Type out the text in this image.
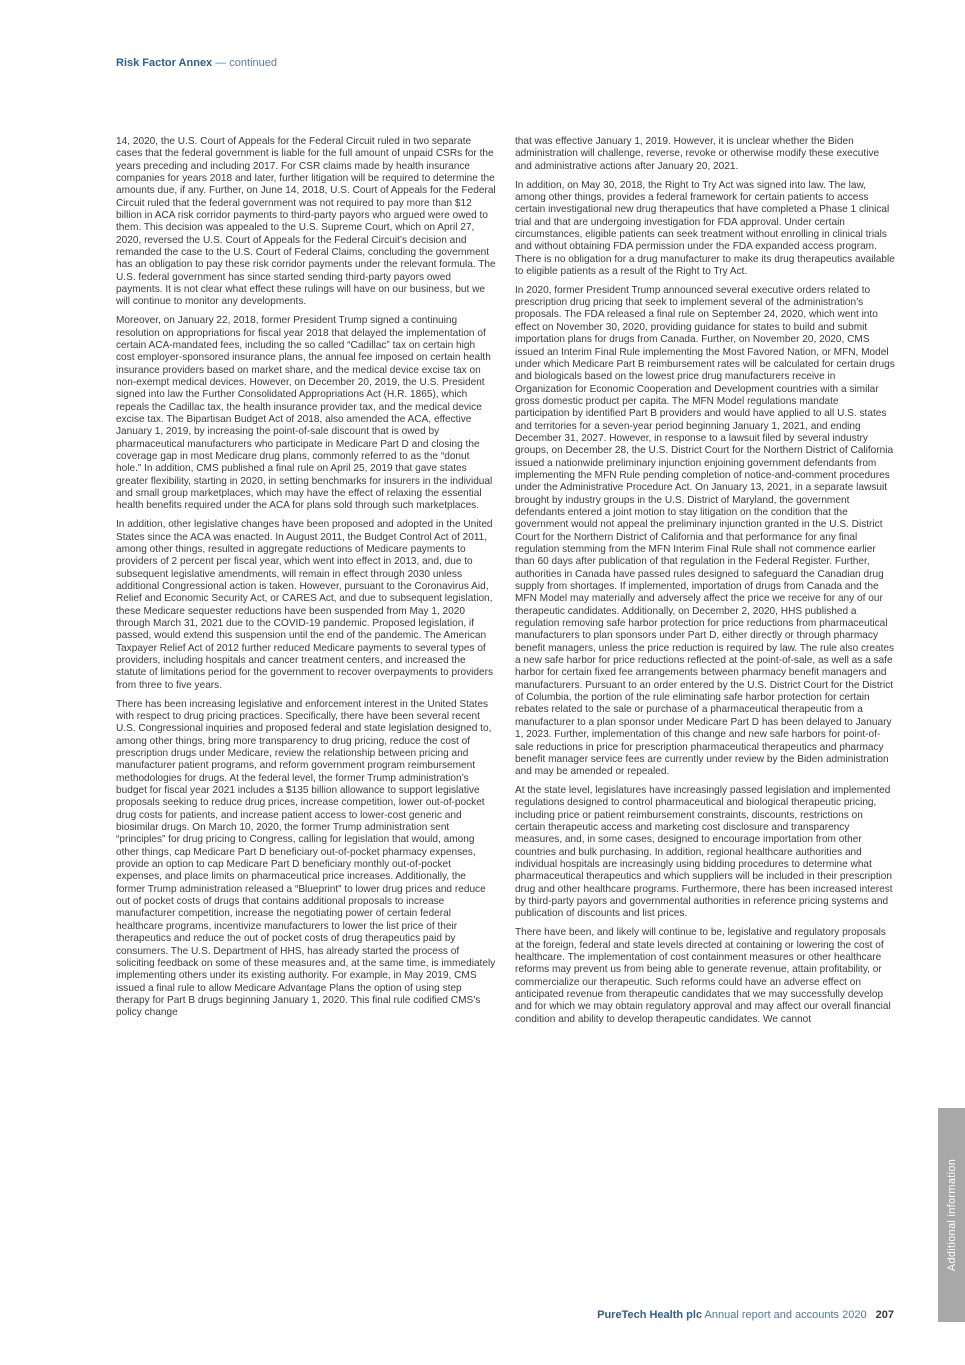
Risk Factor Annex — continued

14, 2020, the U.S. Court of Appeals for the Federal Circuit ruled in two separate cases that the federal government is liable for the full amount of unpaid CSRs for the years preceding and including 2017. For CSR claims made by health insurance companies for years 2018 and later, further litigation will be required to determine the amounts due, if any. Further, on June 14, 2018, U.S. Court of Appeals for the Federal Circuit ruled that the federal government was not required to pay more than $12 billion in ACA risk corridor payments to third-party payors who argued were owed to them. This decision was appealed to the U.S. Supreme Court, which on April 27, 2020, reversed the U.S. Court of Appeals for the Federal Circuit’s decision and remanded the case to the U.S. Court of Federal Claims, concluding the government has an obligation to pay these risk corridor payments under the relevant formula. The U.S. federal government has since started sending third-party payors owed payments. It is not clear what effect these rulings will have on our business, but we will continue to monitor any developments.

Moreover, on January 22, 2018, former President Trump signed a continuing resolution on appropriations for fiscal year 2018 that delayed the implementation of certain ACA-mandated fees, including the so called “Cadillac” tax on certain high cost employer-sponsored insurance plans, the annual fee imposed on certain health insurance providers based on market share, and the medical device excise tax on non-exempt medical devices. However, on December 20, 2019, the U.S. President signed into law the Further Consolidated Appropriations Act (H.R. 1865), which repeals the Cadillac tax, the health insurance provider tax, and the medical device excise tax. The Bipartisan Budget Act of 2018, also amended the ACA, effective January 1, 2019, by increasing the point-of-sale discount that is owed by pharmaceutical manufacturers who participate in Medicare Part D and closing the coverage gap in most Medicare drug plans, commonly referred to as the “donut hole.” In addition, CMS published a final rule on April 25, 2019 that gave states greater flexibility, starting in 2020, in setting benchmarks for insurers in the individual and small group marketplaces, which may have the effect of relaxing the essential health benefits required under the ACA for plans sold through such marketplaces.

In addition, other legislative changes have been proposed and adopted in the United States since the ACA was enacted. In August 2011, the Budget Control Act of 2011, among other things, resulted in aggregate reductions of Medicare payments to providers of 2 percent per fiscal year, which went into effect in 2013, and, due to subsequent legislative amendments, will remain in effect through 2030 unless additional Congressional action is taken. However, pursuant to the Coronavirus Aid, Relief and Economic Security Act, or CARES Act, and due to subsequent legislation, these Medicare sequester reductions have been suspended from May 1, 2020 through March 31, 2021 due to the COVID-19 pandemic. Proposed legislation, if passed, would extend this suspension until the end of the pandemic. The American Taxpayer Relief Act of 2012 further reduced Medicare payments to several types of providers, including hospitals and cancer treatment centers, and increased the statute of limitations period for the government to recover overpayments to providers from three to five years.

There has been increasing legislative and enforcement interest in the United States with respect to drug pricing practices. Specifically, there have been several recent U.S. Congressional inquiries and proposed federal and state legislation designed to, among other things, bring more transparency to drug pricing, reduce the cost of prescription drugs under Medicare, review the relationship between pricing and manufacturer patient programs, and reform government program reimbursement methodologies for drugs. At the federal level, the former Trump administration’s budget for fiscal year 2021 includes a $135 billion allowance to support legislative proposals seeking to reduce drug prices, increase competition, lower out-of-pocket drug costs for patients, and increase patient access to lower-cost generic and biosimilar drugs. On March 10, 2020, the former Trump administration sent “principles” for drug pricing to Congress, calling for legislation that would, among other things, cap Medicare Part D beneficiary out-of-pocket pharmacy expenses, provide an option to cap Medicare Part D beneficiary monthly out-of-pocket expenses, and place limits on pharmaceutical price increases. Additionally, the former Trump administration released a “Blueprint” to lower drug prices and reduce out of pocket costs of drugs that contains additional proposals to increase manufacturer competition, increase the negotiating power of certain federal healthcare programs, incentivize manufacturers to lower the list price of their therapeutics and reduce the out of pocket costs of drug therapeutics paid by consumers. The U.S. Department of HHS, has already started the process of soliciting feedback on some of these measures and, at the same time, is immediately implementing others under its existing authority. For example, in May 2019, CMS issued a final rule to allow Medicare Advantage Plans the option of using step therapy for Part B drugs beginning January 1, 2020. This final rule codified CMS’s policy change

that was effective January 1, 2019. However, it is unclear whether the Biden administration will challenge, reverse, revoke or otherwise modify these executive and administrative actions after January 20, 2021.

In addition, on May 30, 2018, the Right to Try Act was signed into law. The law, among other things, provides a federal framework for certain patients to access certain investigational new drug therapeutics that have completed a Phase 1 clinical trial and that are undergoing investigation for FDA approval. Under certain circumstances, eligible patients can seek treatment without enrolling in clinical trials and without obtaining FDA permission under the FDA expanded access program. There is no obligation for a drug manufacturer to make its drug therapeutics available to eligible patients as a result of the Right to Try Act.

In 2020, former President Trump announced several executive orders related to prescription drug pricing that seek to implement several of the administration’s proposals. The FDA released a final rule on September 24, 2020, which went into effect on November 30, 2020, providing guidance for states to build and submit importation plans for drugs from Canada. Further, on November 20, 2020, CMS issued an Interim Final Rule implementing the Most Favored Nation, or MFN, Model under which Medicare Part B reimbursement rates will be calculated for certain drugs and biologicals based on the lowest price drug manufacturers receive in Organization for Economic Cooperation and Development countries with a similar gross domestic product per capita. The MFN Model regulations mandate participation by identified Part B providers and would have applied to all U.S. states and territories for a seven-year period beginning January 1, 2021, and ending December 31, 2027. However, in response to a lawsuit filed by several industry groups, on December 28, the U.S. District Court for the Northern District of California issued a nationwide preliminary injunction enjoining government defendants from implementing the MFN Rule pending completion of notice-and-comment procedures under the Administrative Procedure Act. On January 13, 2021, in a separate lawsuit brought by industry groups in the U.S. District of Maryland, the government defendants entered a joint motion to stay litigation on the condition that the government would not appeal the preliminary injunction granted in the U.S. District Court for the Northern District of California and that performance for any final regulation stemming from the MFN Interim Final Rule shall not commence earlier than 60 days after publication of that regulation in the Federal Register. Further, authorities in Canada have passed rules designed to safeguard the Canadian drug supply from shortages. If implemented, importation of drugs from Canada and the MFN Model may materially and adversely affect the price we receive for any of our therapeutic candidates. Additionally, on December 2, 2020, HHS published a regulation removing safe harbor protection for price reductions from pharmaceutical manufacturers to plan sponsors under Part D, either directly or through pharmacy benefit managers, unless the price reduction is required by law. The rule also creates a new safe harbor for price reductions reflected at the point-of-sale, as well as a safe harbor for certain fixed fee arrangements between pharmacy benefit managers and manufacturers. Pursuant to an order entered by the U.S. District Court for the District of Columbia, the portion of the rule eliminating safe harbor protection for certain rebates related to the sale or purchase of a pharmaceutical therapeutic from a manufacturer to a plan sponsor under Medicare Part D has been delayed to January 1, 2023. Further, implementation of this change and new safe harbors for point-of-sale reductions in price for prescription pharmaceutical therapeutics and pharmacy benefit manager service fees are currently under review by the Biden administration and may be amended or repealed.

At the state level, legislatures have increasingly passed legislation and implemented regulations designed to control pharmaceutical and biological therapeutic pricing, including price or patient reimbursement constraints, discounts, restrictions on certain therapeutic access and marketing cost disclosure and transparency measures, and, in some cases, designed to encourage importation from other countries and bulk purchasing. In addition, regional healthcare authorities and individual hospitals are increasingly using bidding procedures to determine what pharmaceutical therapeutics and which suppliers will be included in their prescription drug and other healthcare programs. Furthermore, there has been increased interest by third-party payors and governmental authorities in reference pricing systems and publication of discounts and list prices.

There have been, and likely will continue to be, legislative and regulatory proposals at the foreign, federal and state levels directed at containing or lowering the cost of healthcare. The implementation of cost containment measures or other healthcare reforms may prevent us from being able to generate revenue, attain profitability, or commercialize our therapeutic. Such reforms could have an adverse effect on anticipated revenue from therapeutic candidates that we may successfully develop and for which we may obtain regulatory approval and may affect our overall financial condition and ability to develop therapeutic candidates. We cannot

PureTech Health plc Annual report and accounts 2020 207
Additional information
